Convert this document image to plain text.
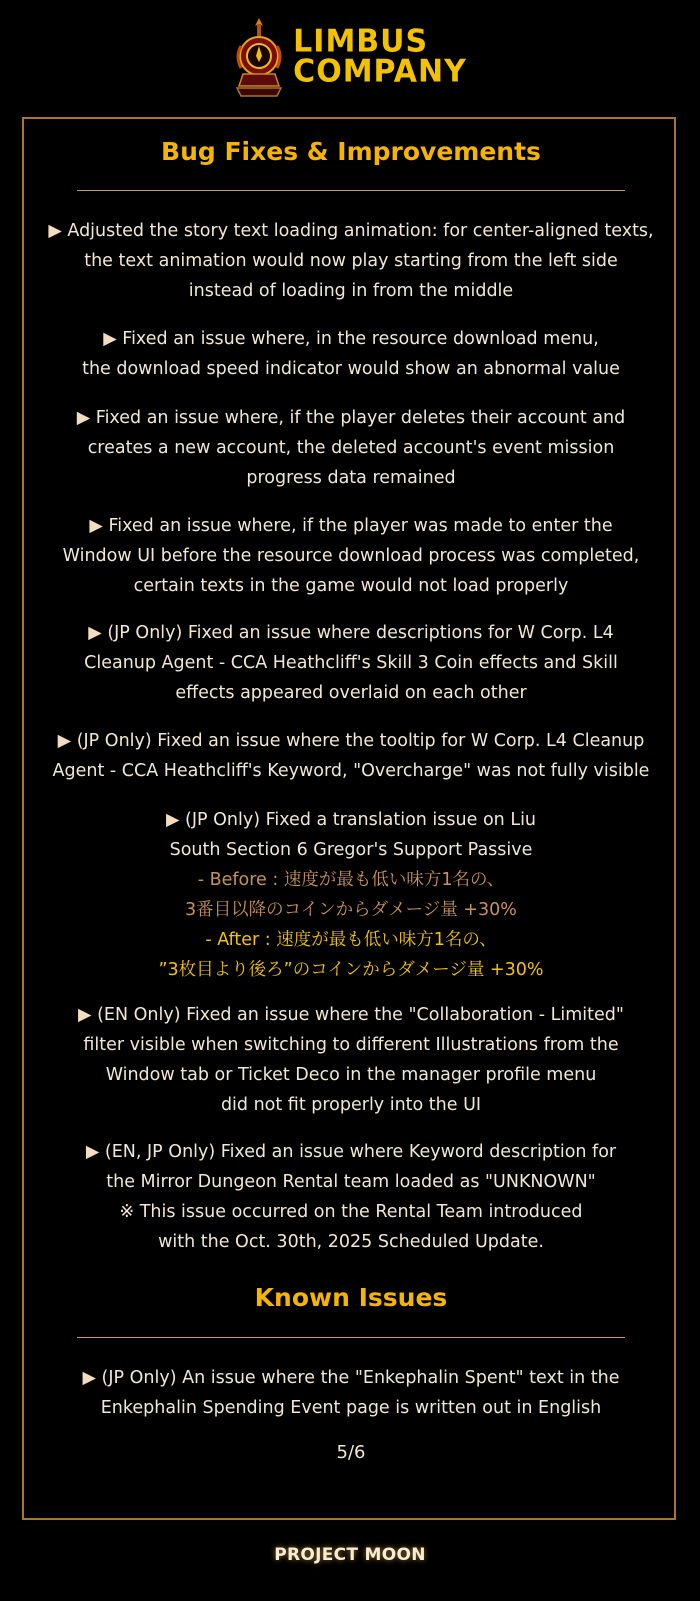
LIMBUS
COMPANY
Bug Fixes & Improvements

▶ Adjusted the story text loading animation: for center-aligned texts,
the text animation would now play starting from the left side
instead of loading in from the middle

▶ Fixed an issue where, in the resource download menu,
the download speed indicator would show an abnormal value

▶ Fixed an issue where, if the player deletes their account and
creates a new account, the deleted account's event mission
progress data remained

▶ Fixed an issue where, if the player was made to enter the
Window UI before the resource download process was completed,
certain texts in the game would not load properly

▶ (JP Only) Fixed an issue where descriptions for W Corp. L4
Cleanup Agent - CCA Heathcliff's Skill 3 Coin effects and Skill
effects appeared overlaid on each other

▶ (JP Only) Fixed an issue where the tooltip for W Corp. L4 Cleanup
Agent - CCA Heathcliff's Keyword, "Overcharge" was not fully visible

▶ (JP Only) Fixed a translation issue on Liu
South Section 6 Gregor's Support Passive
- Before : 速度が最も低い味方1名の、
3番目以降のコインからダメージ量 +30%
- After : 速度が最も低い味方1名の、
”3枚目より後ろ”のコインからダメージ量 +30%

▶ (EN Only) Fixed an issue where the "Collaboration - Limited"
filter visible when switching to different Illustrations from the
Window tab or Ticket Deco in the manager profile menu
did not fit properly into the UI

▶ (EN, JP Only) Fixed an issue where Keyword description for
the Mirror Dungeon Rental team loaded as "UNKNOWN"
※ This issue occurred on the Rental Team introduced
with the Oct. 30th, 2025 Scheduled Update.

Known Issues

▶ (JP Only) An issue where the "Enkephalin Spent" text in the
Enkephalin Spending Event page is written out in English

5/6
PROJECT MOON
